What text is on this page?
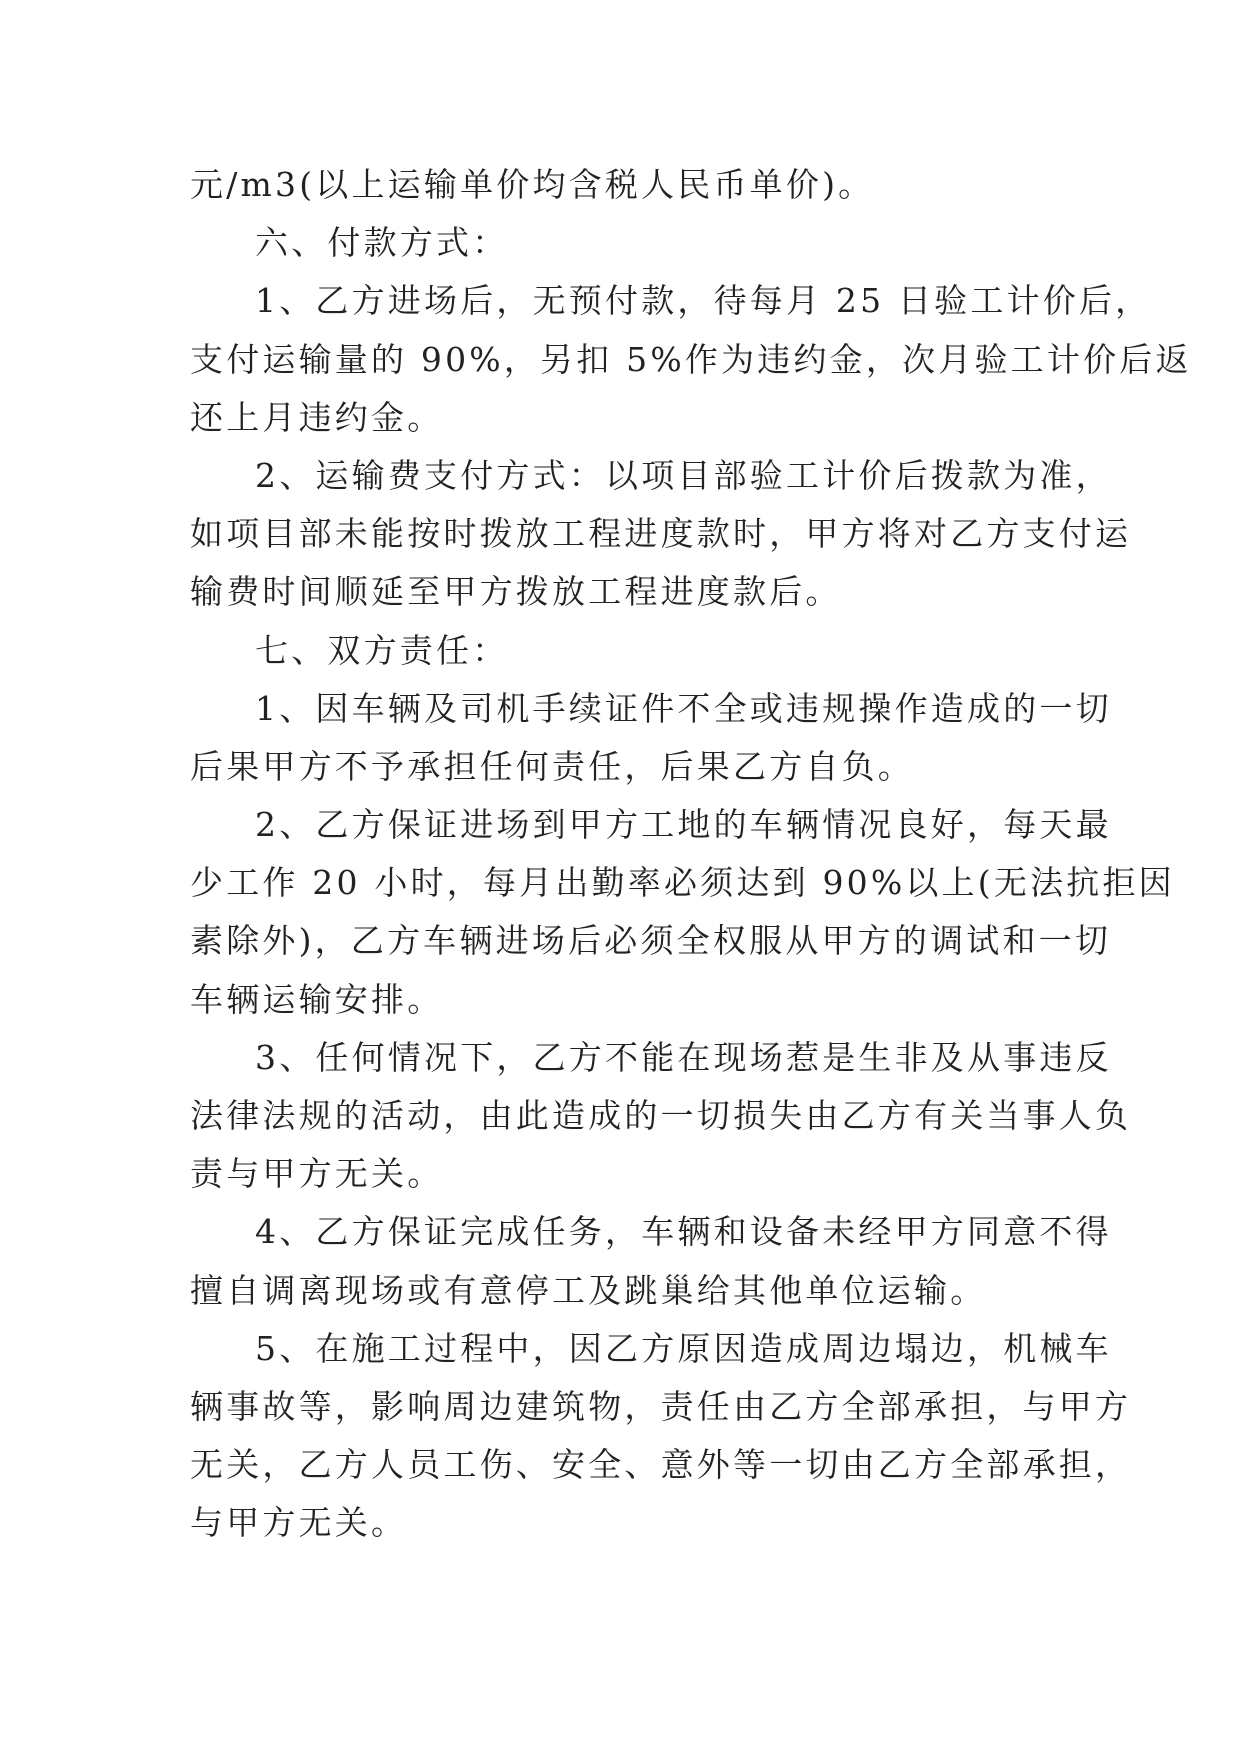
元/m3(以上运输单价均含税人民币单价)。
六、付款方式：
1、乙方进场后，无预付款，待每月 25 日验工计价后，
支付运输量的 90%，另扣 5%作为违约金，次月验工计价后返
还上月违约金。
2、运输费支付方式：以项目部验工计价后拨款为准，
如项目部未能按时拨放工程进度款时，甲方将对乙方支付运
输费时间顺延至甲方拨放工程进度款后。
七、双方责任：
1、因车辆及司机手续证件不全或违规操作造成的一切
后果甲方不予承担任何责任，后果乙方自负。
2、乙方保证进场到甲方工地的车辆情况良好，每天最
少工作 20 小时，每月出勤率必须达到 90%以上(无法抗拒因
素除外)，乙方车辆进场后必须全权服从甲方的调试和一切
车辆运输安排。
3、任何情况下，乙方不能在现场惹是生非及从事违反
法律法规的活动，由此造成的一切损失由乙方有关当事人负
责与甲方无关。
4、乙方保证完成任务，车辆和设备未经甲方同意不得
擅自调离现场或有意停工及跳巢给其他单位运输。
5、在施工过程中，因乙方原因造成周边塌边，机械车
辆事故等，影响周边建筑物，责任由乙方全部承担，与甲方
无关，乙方人员工伤、安全、意外等一切由乙方全部承担，
与甲方无关。
